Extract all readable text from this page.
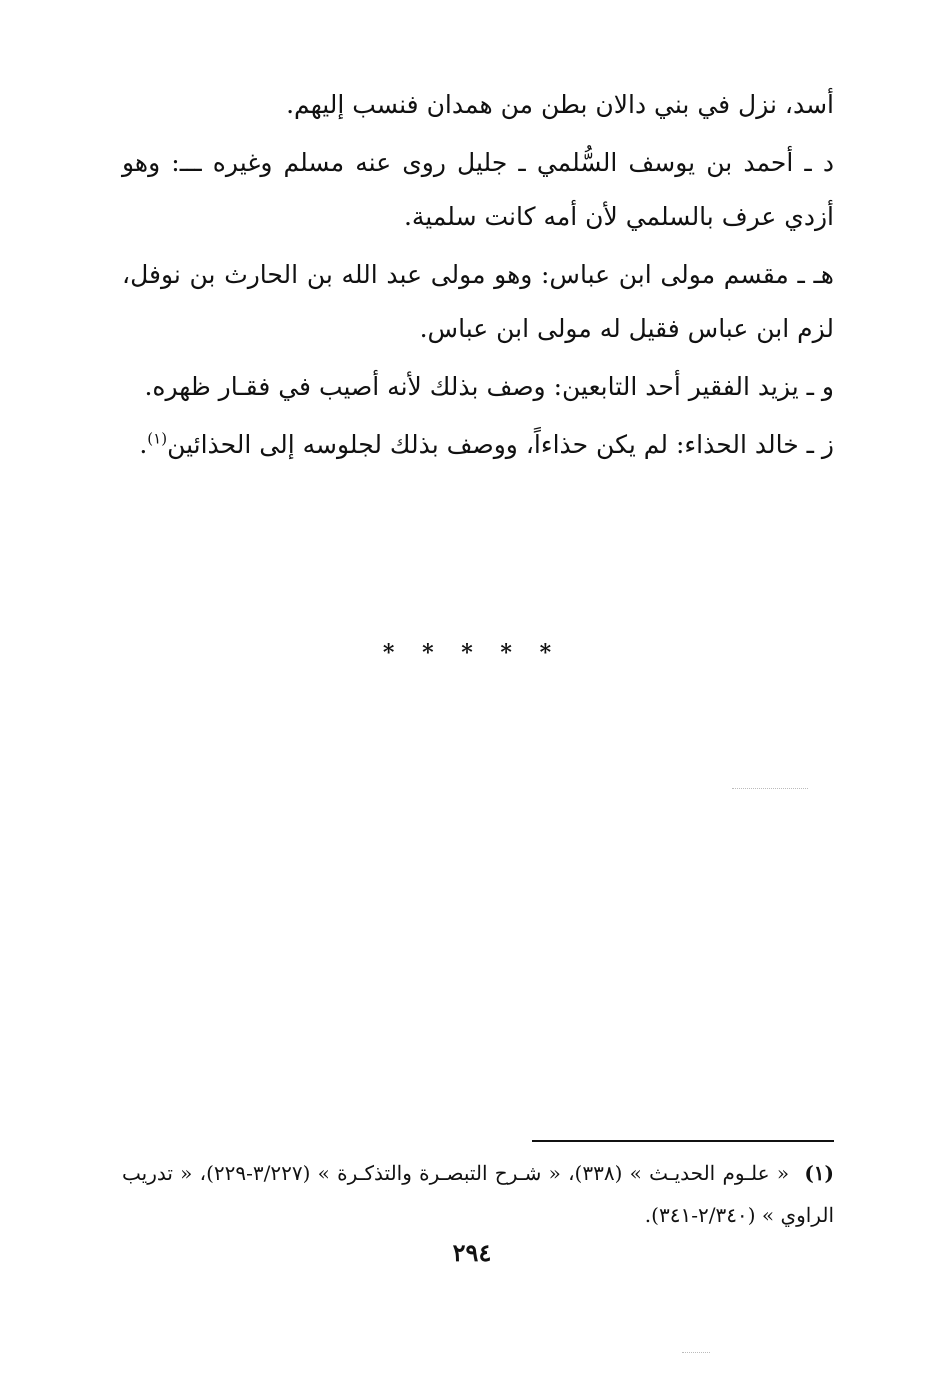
أسد، نزل في بني دالان بطن من همدان فنسب إليهم.

د ـ أحمد بن يوسف السُّلمي ـ جليل روى عنه مسلم وغيره ـــ: وهو أزدي عرف بالسلمي لأن أمه كانت سلمية.

هـ ـ مقسم مولى ابن عباس: وهو مولى عبد الله بن الحارث بن نوفل، لزم ابن عباس فقيل له مولى ابن عباس.

و ـ يزيد الفقير أحد التابعين: وصف بذلك لأنه أصيب في فقـار ظهره.

ز ـ خالد الحذاء: لم يكن حذاءاً، ووصف بذلك لجلوسه إلى الحذائين$^{(١)}$.

* * * * *
(١) « علـوم الحديـث » (٣٣٨)، « شـرح التبصـرة والتذكـرة » (٣/٢٢٧-٢٢٩)، « تدريب الراوي » (٢/٣٤٠-٣٤١).
٢٩٤
